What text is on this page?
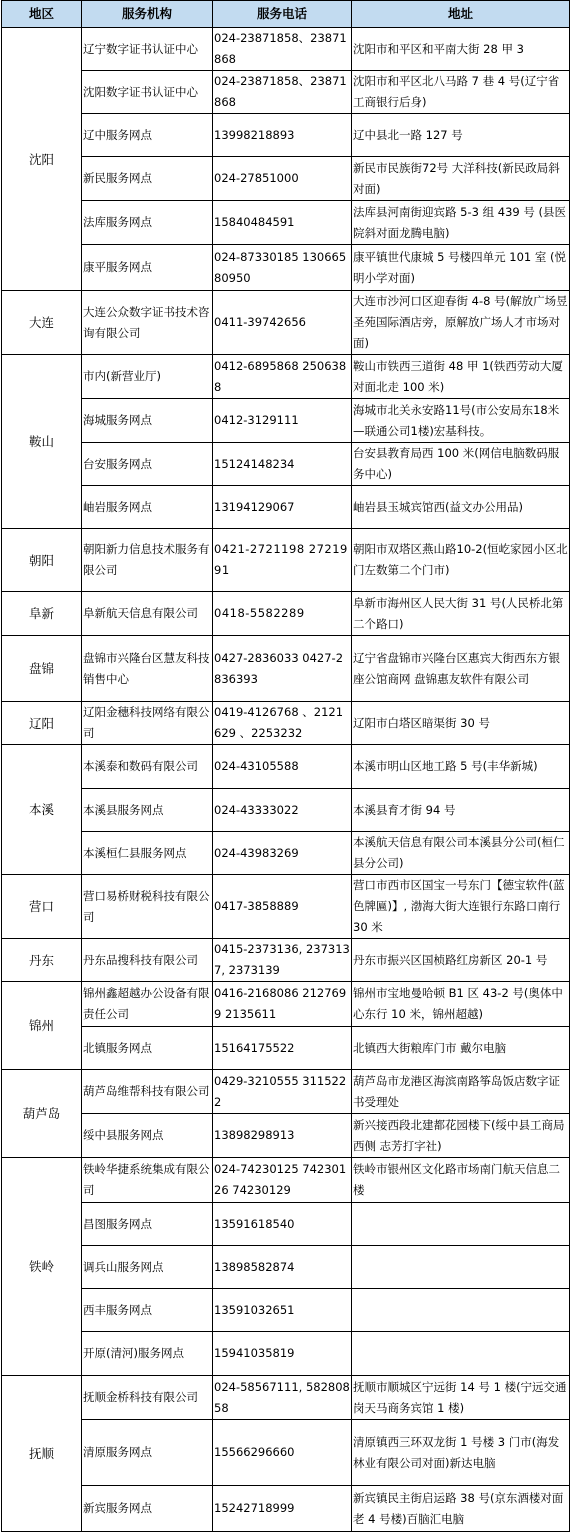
地区	服务机构	服务电话	地址
沈阳	辽宁数字证书认证中心	024-23871858、23871868	沈阳市和平区和平南大街 28 甲 3
	沈阳数字证书认证中心	024-23871858、23871868	沈阳市和平区北八马路 7 巷 4 号(辽宁省工商银行后身)
	辽中服务网点	13998218893	辽中县北一路 127 号
	新民服务网点	024-27851000	新民市民族街72号 大洋科技(新民政局斜对面)
	法库服务网点	15840484591	法库县河南街迎宾路 5-3 组 439 号 (县医院斜对面龙腾电脑)
	康平服务网点	024-87330185 13066580950	康平镇世代康城 5 号楼四单元 101 室 (悦明小学对面)
大连	大连公众数字证书技术咨询有限公司	0411-39742656	大连市沙河口区迎春街 4-8 号(解放广场昱圣苑国际酒店旁，原解放广场人才市场对面)
鞍山	市内(新营业厅)	0412-6895868 2506388	鞍山市铁西三道街 48 甲 1(铁西劳动大厦对面北走 100 米)
	海城服务网点	0412-3129111	海城市北关永安路11号(市公安局东18米—联通公司1楼)宏基科技。
	台安服务网点	15124148234	台安县教育局西 100 米(网信电脑数码服务中心)
	岫岩服务网点	13194129067	岫岩县玉城宾馆西(益文办公用品)
朝阳	朝阳新力信息技术服务有限公司	0421-2721198 2721991	朝阳市双塔区燕山路10-2(恒屹家园小区北门左数第二个门市)
阜新	阜新航天信息有限公司	0418-5582289	阜新市海州区人民大街 31 号(人民桥北第二个路口)
盘锦	盘锦市兴隆台区慧友科技销售中心	0427-2836033 0427-2836393	辽宁省盘锦市兴隆台区惠宾大街西东方银座公馆商网 盘锦惠友软件有限公司
辽阳	辽阳金穗科技网络有限公司	0419-4126768 、2121629 、2253232	辽阳市白塔区暗渠街 30 号
本溪	本溪泰和数码有限公司	024-43105588	本溪市明山区地工路 5 号(丰华新城)
	本溪县服务网点	024-43333022	本溪县育才街 94 号
	本溪桓仁县服务网点	024-43983269	本溪航天信息有限公司本溪县分公司(桓仁县分公司)
营口	营口易桥财税科技有限公司	0417-3858889	营口市西市区国宝一号东门【德宝软件(蓝色牌匾)】, 渤海大街大连银行东路口南行 30 米
丹东	丹东品搜科技有限公司	0415-2373136, 2373137, 2373139	丹东市振兴区国桢路红房新区 20-1 号
锦州	锦州鑫超越办公设备有限责任公司	0416-2168086 2127699 2135611	锦州市宝地曼哈顿 B1 区 43-2 号(奥体中心东行 10 米，锦州超越)
	北镇服务网点	15164175522	北镇西大街粮库门市 戴尔电脑
葫芦岛	葫芦岛维帮科技有限公司	0429-3210555 3115222	葫芦岛市龙港区海滨南路筝岛饭店数字证书受理处
	绥中县服务网点	13898298913	新兴接西段北建都花园楼下(绥中县工商局西侧 志芳打字社)
铁岭	铁岭华捷系统集成有限公司	024-74230125 74230126 74230129	铁岭市银州区文化路市场南门航天信息二楼
	昌图服务网点	13591618540	
	调兵山服务网点	13898582874	
	西丰服务网点	13591032651	
	开原(清河)服务网点	15941035819	
抚顺	抚顺金桥科技有限公司	024-58567111, 58280858	抚顺市顺城区宁远街 14 号 1 楼(宁远交通岗天马商务宾馆 1 楼)
	清原服务网点	15566296660	清原镇西三环双龙街 1 号楼 3 门市(海发林业有限公司对面)新达电脑
	新宾服务网点	15242718999	新宾镇民主街启运路 38 号(京东酒楼对面老 4 号楼)百脑汇电脑
